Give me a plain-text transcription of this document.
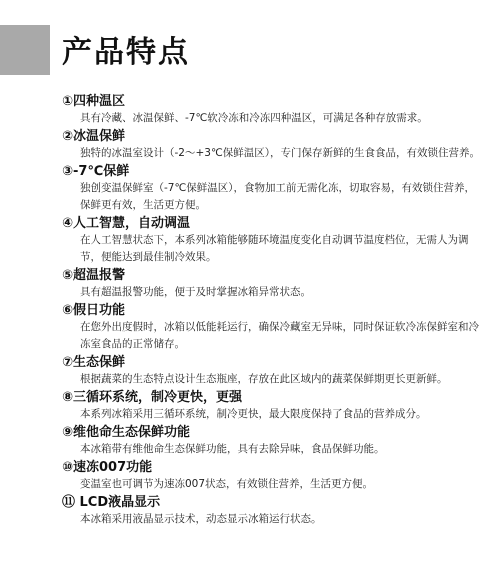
产品特点
①四种温区
具有冷藏、冰温保鲜、-7℃软冷冻和冷冻四种温区，可满足各种存放需求。
②冰温保鲜
独特的冰温室设计（-2～+3℃保鲜温区），专门保存新鲜的生食食品，有效锁住营养。
③-7℃保鲜
独创变温保鲜室（-7℃保鲜温区），食物加工前无需化冻，切取容易，有效锁住营养，保鲜更有效，生活更方便。
④人工智慧，自动调温
在人工智慧状态下，本系列冰箱能够随环境温度变化自动调节温度档位，无需人为调节，便能达到最佳制冷效果。
⑤超温报警
具有超温报警功能，便于及时掌握冰箱异常状态。
⑥假日功能
在您外出度假时，冰箱以低能耗运行，确保冷藏室无异味，同时保证软冷冻保鲜室和冷冻室食品的正常储存。
⑦生态保鲜
根据蔬菜的生态特点设计生态瓶座，存放在此区域内的蔬菜保鲜期更长更新鲜。
⑧三循环系统，制冷更快，更强
本系列冰箱采用三循环系统，制冷更快，最大限度保持了食品的营养成分。
⑨维他命生态保鲜功能
本冰箱带有维他命生态保鲜功能，具有去除异味，食品保鲜功能。
⑩速冻007功能
变温室也可调节为速冻007状态，有效锁住营养，生活更方便。
⑪ LCD液晶显示
本冰箱采用液晶显示技术，动态显示冰箱运行状态。
